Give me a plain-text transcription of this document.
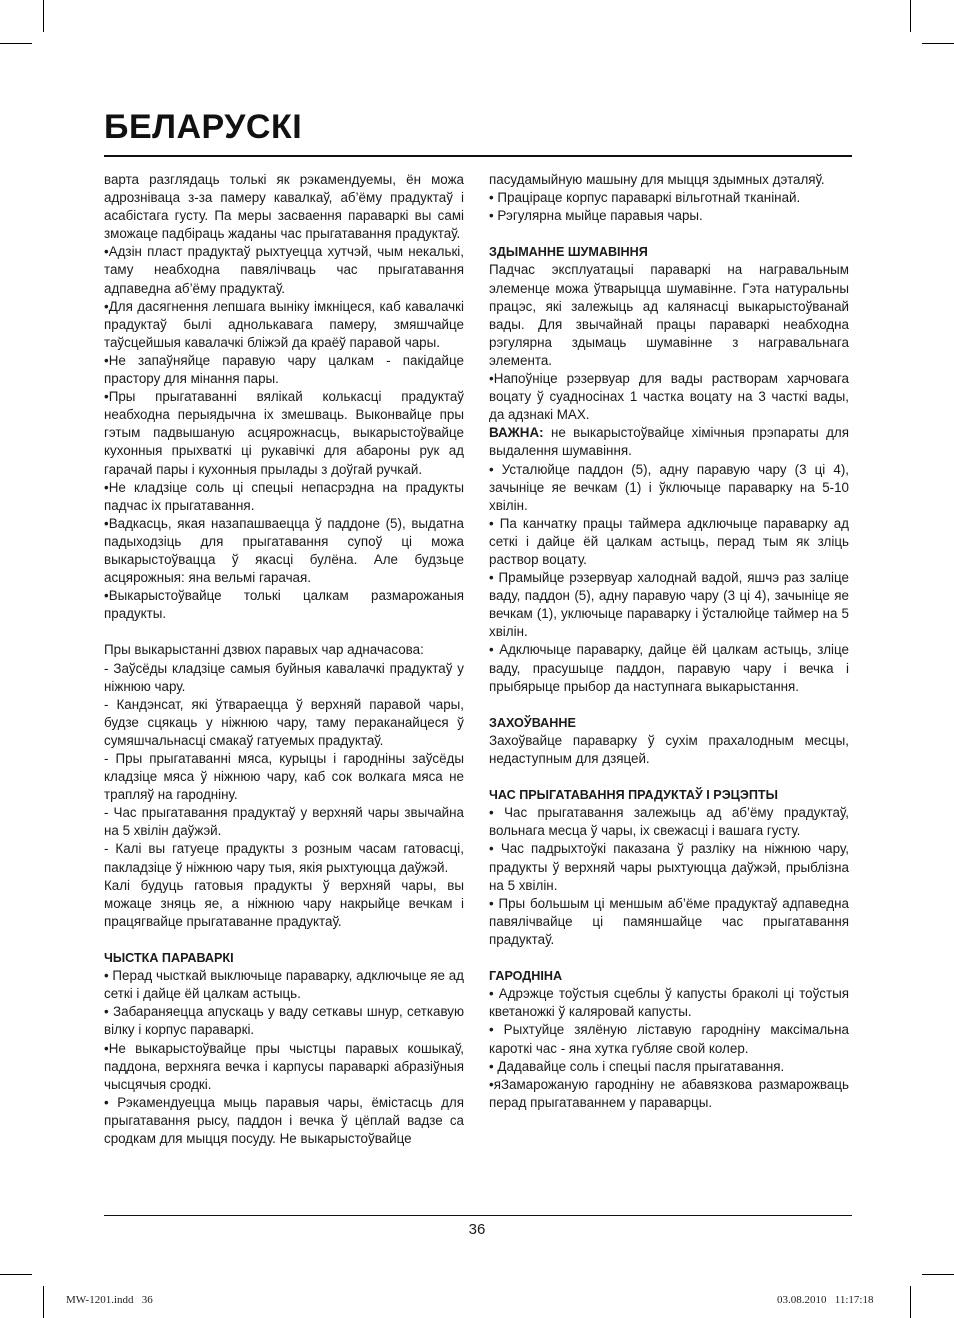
БЕЛАРУСКІ

варта разглядаць толькі як рэкамендуемы, ён можа адрозніваца з-за памеру кавалкаў, аб’ёму прадуктаў і асабістага густу. Па меры засваення параваркі вы самі зможаце падбіраць жаданы час прыгатавання прадуктаў.

•Адзін пласт прадуктаў рыхтуецца хутчэй, чым некалькі, таму неабходна павялічваць час прыгатавання адпаведна аб’ёму прадуктаў.

•Для дасягнення лепшага выніку імкніцеся, каб кавалачкі прадуктаў былі аднолькавага памеру, змяшчайце таўсцейшыя кавалачкі бліжэй да краёў паравой чары.

•Не запаўняйце паравую чару цалкам - пакідайце прастору для мінання пары.

•Пры прыгатаванні вялікай колькасці прадуктаў неабходна перыядычна іх змешваць. Выконвайце пры гэтым падвышаную асцярожнасць, выкарыстоўвайце кухонныя прыхваткі ці рукавічкі для абароны рук ад гарачай пары і кухонныя прылады з доўгай ручкай.

•Не кладзіце соль ці спецыі непасрэдна на прадукты падчас іх прыгатавання.

•Вадкасць, якая назапашваецца ў паддоне (5), выдатна падыходзіць для прыгатавання супоў ці можа выкарыстоўвацца ў якасці булёна. Але будзьце асцярожныя: яна вельмі гарачая.

•Выкарыстоўвайце толькі цалкам размарожаныя прадукты.

Пры выкарыстанні дзвюх паравых чар адначасова:

- Заўсёды кладзіце самыя буйныя кавалачкі прадуктаў у ніжнюю чару.

- Кандэнсат, які ўтвараецца ў верхняй паравой чары, будзе сцякаць у ніжнюю чару, таму пераканайцеся ў сумяшчальнасці смакаў гатуемых прадуктаў.

- Пры прыгатаванні мяса, курыцы і гародніны заўсёды кладзіце мяса ў ніжнюю чару, каб сок волкага мяса не трапляў на гародніну.

- Час прыгатавання прадуктаў у верхняй чары звычайна на 5 хвілін даўжэй.

- Калі вы гатуеце прадукты з розным часам гатовасці, пакладзіце ў ніжнюю чару тыя, якія рыхтуюцца даўжэй.

Калі будуць гатовыя прадукты ў верхняй чары, вы можаце зняць яе, а ніжнюю чару накрыйце вечкам і працягвайце прыгатаванне прадуктаў.

ЧЫСТКА ПАРАВАРКІ

• Перад чысткай выключыце параварку, адключыце яе ад сеткі і дайце ёй цалкам астыць.

• Забараняецца апускаць у ваду сеткавы шнур, сеткавую вілку і корпус параваркі.

•Не выкарыстоўвайце пры чыстцы паравых кошыкаў, паддона, верхняга вечка і карпусы параваркі абразіўныя чысцячыя сродкі.

• Рэкамендуецца мыць паравыя чары, ёмістасць для прыгатавання рысу, паддон і вечка ў цёплай вадзе са сродкам для мыцця посуду. Не выкарыстоўвайце

пасудамыйную машыну для мыцця здымных дэталяў.

• Праціраце корпус параваркі вільготнай тканінай.

• Рэгулярна мыйце паравыя чары.

ЗДЫМАННЕ ШУМАВІННЯ

Падчас эксплуатацыі параваркі на награвальным элеменце можа ўтварыцца шумавінне. Гэта натуральны працэс, які залежыць ад калянасці выкарыстоўванай вады. Для звычайнай працы параваркі неабходна рэгулярна здымаць шумавінне з награвальнага элемента.

•Напоўніце рэзервуар для вады растворам харчовага воцату ў суадносінах 1 частка воцату на 3 часткі вады, да адзнакі MAX.

ВАЖНА: не выкарыстоўвайце хімічныя прэпараты для выдалення шумавіння.

• Усталюйце паддон (5), адну паравую чару (3 ці 4), зачыніце яе вечкам (1) і ўключыце параварку на 5-10 хвілін.

• Па канчатку працы таймера адключыце параварку ад сеткі і дайце ёй цалкам астыць, перад тым як зліць раствор воцату.

• Прамыйце рэзервуар халоднай вадой, яшчэ раз заліце ваду, паддон (5), адну паравую чару (3 ці 4), зачыніце яе вечкам (1), уключыце параварку і ўсталюйце таймер на 5 хвілін.

• Адключыце параварку, дайце ёй цалкам астыць, зліце ваду, прасушыце паддон, паравую чару і вечка і прыбярыце прыбор да наступнага выкарыстання.

ЗАХОЎВАННЕ

Захоўвайце параварку ў сухім прахалодным месцы, недаступным для дзяцей.

ЧАС ПРЫГАТАВАННЯ ПРАДУКТАЎ І РЭЦЭПТЫ

• Час прыгатавання залежыць ад аб’ёму прадуктаў, вольнага месца ў чары, іх свежасці і вашага густу.

• Час падрыхтоўкі паказана ў разліку на ніжнюю чару, прадукты ў верхняй чары рыхтуюцца даўжэй, прыблізна на 5 хвілін.

• Пры большым ці меншым аб’ёме прадуктаў адпаведна павялічвайце ці памяншайце час прыгатавання прадуктаў.

ГАРОДНІНА

• Адрэжце тоўстыя сцеблы ў капусты браколі ці тоўстыя кветаножкі ў каляровай капусты.

• Рыхтуйце зялёную ліставую гародніну максімальна кароткі час - яна хутка губляе свой колер.

• Дадавайце соль і спецыі пасля прыгатавання.

•яЗамарожаную гародніну не абавязкова размарожваць перад прыгатаваннем у параварцы.

36
MW-1201.indd   36	03.08.2010   11:17:18
